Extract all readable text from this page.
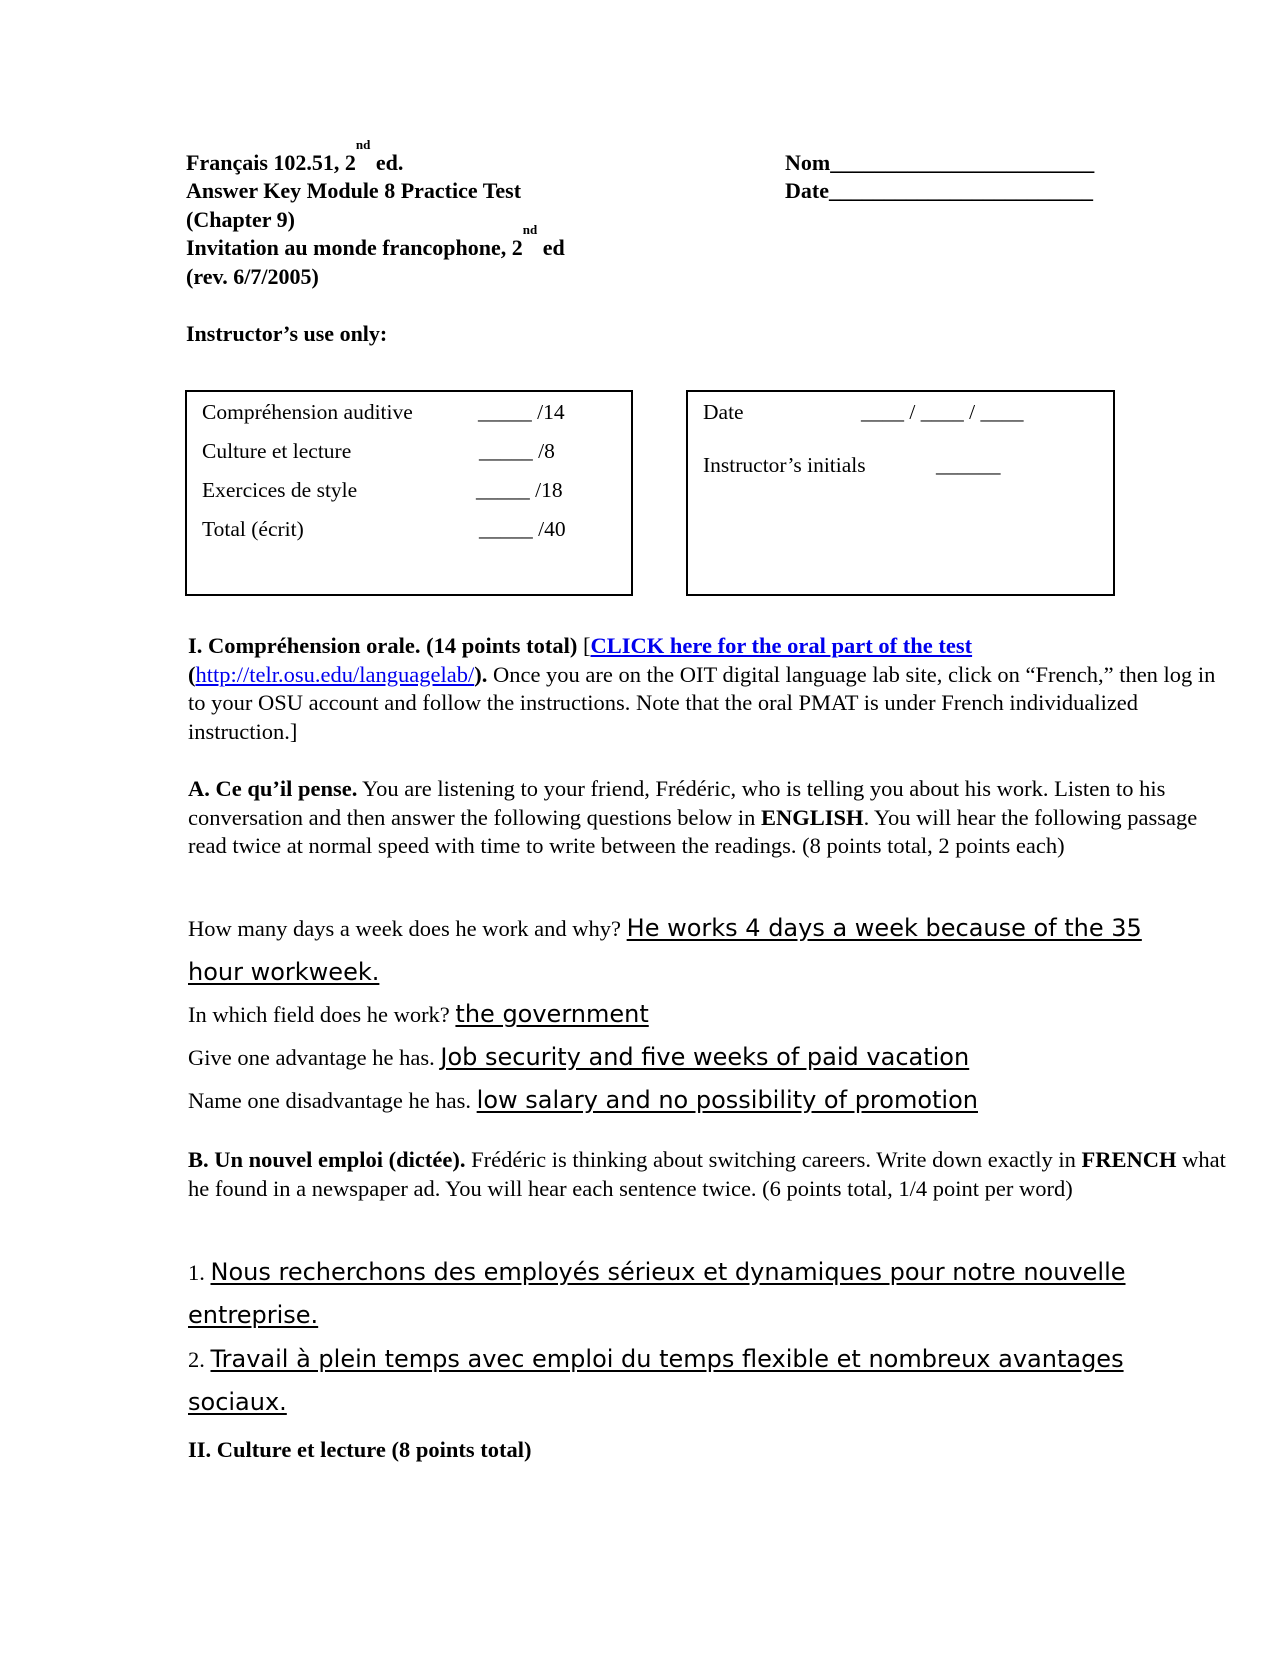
Français 102.51, 2nd ed.
Answer Key Module 8 Practice Test
(Chapter 9)
Invitation au monde francophone, 2nd ed
(rev. 6/7/2005)
Nom________________________
Date________________________
Instructor’s use only:
Compréhension auditive	_____ /14
Culture et lecture	_____ /8
Exercices de style	_____ /18
Total (écrit)	_____ /40
Date	____ / ____ / ____
Instructor’s initials	______
I. Compréhension orale. (14 points total) [CLICK here for the oral part of the test
(http://telr.osu.edu/languagelab/). Once you are on the OIT digital language lab site, click on “French,” then log in to your OSU account and follow the instructions. Note that the oral PMAT is under French individualized instruction.]
A. Ce qu’il pense. You are listening to your friend, Frédéric, who is telling you about his work. Listen to his conversation and then answer the following questions below in ENGLISH. You will hear the following passage read twice at normal speed with time to write between the readings. (8 points total, 2 points each)
How many days a week does he work and why? He works 4 days a week because of the 35
hour workweek.
In which field does he work? the government
Give one advantage he has. Job security and five weeks of paid vacation
Name one disadvantage he has. low salary and no possibility of promotion
B. Un nouvel emploi (dictée). Frédéric is thinking about switching careers. Write down exactly in FRENCH what he found in a newspaper ad. You will hear each sentence twice. (6 points total, 1/4 point per word)
1. Nous recherchons des employés sérieux et dynamiques pour notre nouvelle
entreprise.
2. Travail à plein temps avec emploi du temps flexible et nombreux avantages
sociaux.
II. Culture et lecture (8 points total)
